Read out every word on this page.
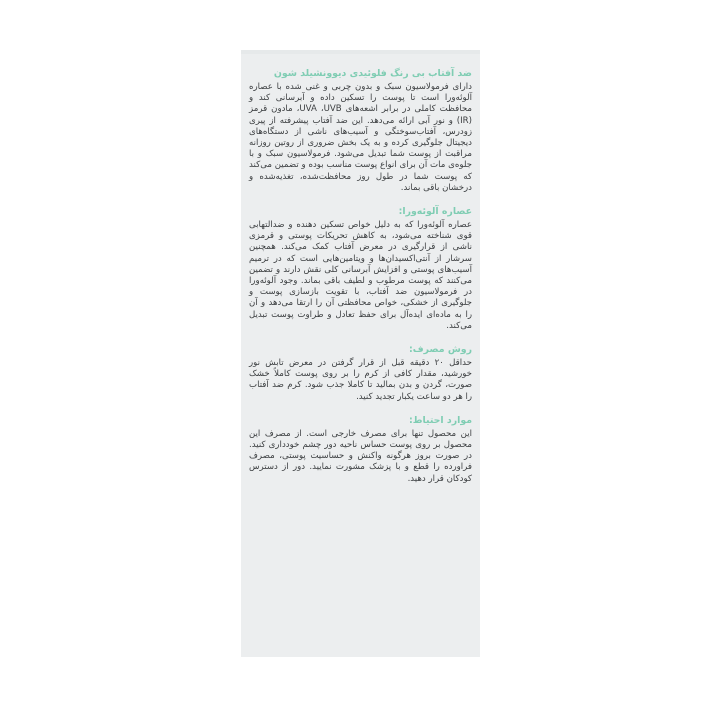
ضد آفتاب بی رنگ فلوئیدی دیوونشیلد شون

دارای فرمولاسیون سبک و بدون چربی و غنی شده با عصاره آلوئه‌ورا است تا پوست را تسکین داده و آبرسانی کند و محافظت کاملی در برابر اشعه‌های UVA ،UVB، مادون قرمز (IR) و نور آبی ارائه می‌دهد. این ضد آفتاب پیشرفته از پیری زودرس، آفتاب‌سوختگی و آسیب‌های ناشی از دستگاه‌های دیجیتال جلوگیری کرده و به یک بخش ضروری از روتین روزانه مراقبت از پوست شما تبدیل می‌شود. فرمولاسیون سبک و با جلوه‌ی مات آن برای انواع پوست مناسب بوده و تضمین می‌کند که پوست شما در طول روز محافظت‌شده، تغذیه‌شده و درخشان باقی بماند.

عصاره آلوئه‌ورا:

عصاره آلوئه‌ورا که به دلیل خواص تسکین دهنده و ضدالتهابی قوی شناخته می‌شود، به کاهش تحریکات پوستی و قرمزی ناشی از قرارگیری در معرض آفتاب کمک می‌کند. همچنین سرشار از آنتی‌اکسیدان‌ها و ویتامین‌هایی است که در ترمیم آسیب‌های پوستی و افزایش آبرسانی کلی نقش دارند و تضمین می‌کنند که پوست مرطوب و لطیف باقی بماند. وجود آلوئه‌ورا در فرمولاسیون ضد آفتاب، با تقویت بازسازی پوست و جلوگیری از خشکی، خواص محافظتی آن را ارتقا می‌دهد و آن را به ماده‌ای ایده‌آل برای حفظ تعادل و طراوت پوست تبدیل می‌کند.

روش مصرف:

حداقل ۲۰ دقیقه قبل از قرار گرفتن در معرض تابش نور خورشید، مقدار کافی از کرم را بر روی پوست کاملاً خشک صورت، گردن و بدن بمالید تا کاملا جذب شود. کرم ضد آفتاب را هر دو ساعت یکبار تجدید کنید.

موارد احتیاط:

این محصول تنها برای مصرف خارجی است. از مصرف این محصول بر روی پوست حساس ناحیه دور چشم خودداری کنید. در صورت بروز هرگونه واکنش و حساسیت پوستی، مصرف فراورده را قطع و با پزشک مشورت نمایید. دور از دسترس کودکان قرار دهید.
